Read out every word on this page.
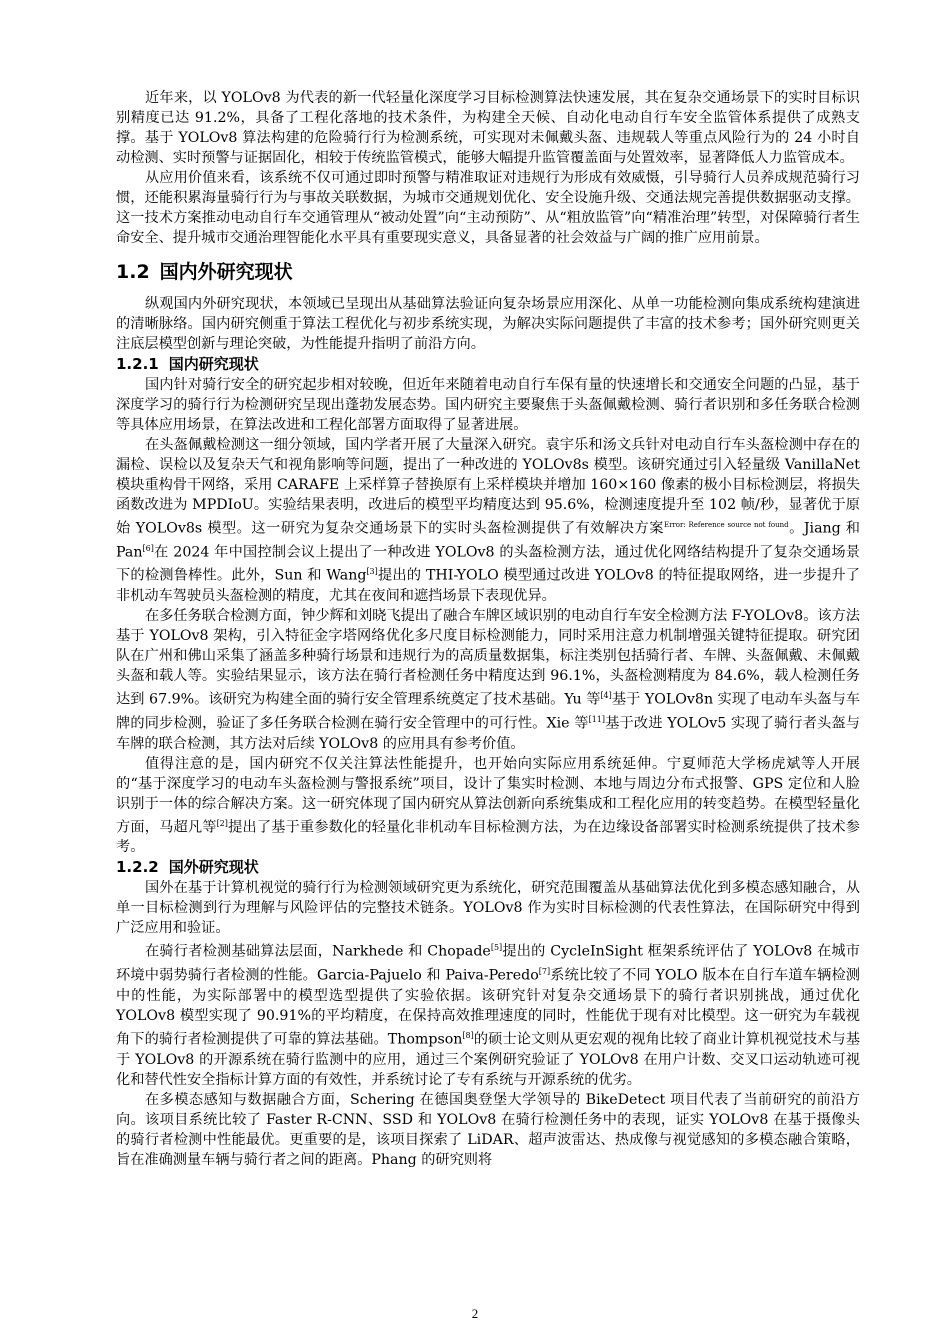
近年来，以 YOLOv8 为代表的新一代轻量化深度学习目标检测算法快速发展，其在复杂交通场景下的实时目标识别精度已达 91.2%，具备了工程化落地的技术条件，为构建全天候、自动化电动自行车安全监管体系提供了成熟支撑。基于 YOLOv8 算法构建的危险骑行行为检测系统，可实现对未佩戴头盔、违规载人等重点风险行为的 24 小时自动检测、实时预警与证据固化，相较于传统监管模式，能够大幅提升监管覆盖面与处置效率，显著降低人力监管成本。

从应用价值来看，该系统不仅可通过即时预警与精准取证对违规行为形成有效威慑，引导骑行人员养成规范骑行习惯，还能积累海量骑行行为与事故关联数据，为城市交通规划优化、安全设施升级、交通法规完善提供数据驱动支撑。这一技术方案推动电动自行车交通管理从“被动处置”向“主动预防”、从“粗放监管”向“精准治理”转型，对保障骑行者生命安全、提升城市交通治理智能化水平具有重要现实意义，具备显著的社会效益与广阔的推广应用前景。

1.2 国内外研究现状

纵观国内外研究现状，本领域已呈现出从基础算法验证向复杂场景应用深化、从单一功能检测向集成系统构建演进的清晰脉络。国内研究侧重于算法工程优化与初步系统实现，为解决实际问题提供了丰富的技术参考；国外研究则更关注底层模型创新与理论突破，为性能提升指明了前沿方向。

1.2.1 国内研究现状

国内针对骑行安全的研究起步相对较晚，但近年来随着电动自行车保有量的快速增长和交通安全问题的凸显，基于深度学习的骑行行为检测研究呈现出蓬勃发展态势。国内研究主要聚焦于头盔佩戴检测、骑行者识别和多任务联合检测等具体应用场景，在算法改进和工程化部署方面取得了显著进展。

在头盔佩戴检测这一细分领域，国内学者开展了大量深入研究。袁宇乐和汤文兵针对电动自行车头盔检测中存在的漏检、误检以及复杂天气和视角影响等问题，提出了一种改进的 YOLOv8s 模型。该研究通过引入轻量级 VanillaNet 模块重构骨干网络，采用 CARAFE 上采样算子替换原有上采样模块并增加 160×160 像素的极小目标检测层，将损失函数改进为 MPDIoU。实验结果表明，改进后的模型平均精度达到 95.6%，检测速度提升至 102 帧/秒，显著优于原始 YOLOv8s 模型。这一研究为复杂交通场景下的实时头盔检测提供了有效解决方案$^{Error: Reference source not found}$。Jiang 和 Pan[6]在 2024 年中国控制会议上提出了一种改进 YOLOv8 的头盔检测方法，通过优化网络结构提升了复杂交通场景下的检测鲁棒性。此外，Sun 和 Wang[3]提出的 THI-YOLO 模型通过改进 YOLOv8 的特征提取网络，进一步提升了非机动车驾驶员头盔检测的精度，尤其在夜间和遮挡场景下表现优异。

在多任务联合检测方面，钟少辉和刘晓飞提出了融合车牌区域识别的电动自行车安全检测方法 F-YOLOv8。该方法基于 YOLOv8 架构，引入特征金字塔网络优化多尺度目标检测能力，同时采用注意力机制增强关键特征提取。研究团队在广州和佛山采集了涵盖多种骑行场景和违规行为的高质量数据集，标注类别包括骑行者、车牌、头盔佩戴、未佩戴头盔和载人等。实验结果显示，该方法在骑行者检测任务中精度达到 96.1%，头盔检测精度为 84.6%，载人检测任务达到 67.9%。该研究为构建全面的骑行安全管理系统奠定了技术基础。Yu 等[4]基于 YOLOv8n 实现了电动车头盔与车牌的同步检测，验证了多任务联合检测在骑行安全管理中的可行性。Xie 等[11]基于改进 YOLOv5 实现了骑行者头盔与车牌的联合检测，其方法对后续 YOLOv8 的应用具有参考价值。

值得注意的是，国内研究不仅关注算法性能提升，也开始向实际应用系统延伸。宁夏师范大学杨虎斌等人开展的“基于深度学习的电动车头盔检测与警报系统”项目，设计了集实时检测、本地与周边分布式报警、GPS 定位和人脸识别于一体的综合解决方案。这一研究体现了国内研究从算法创新向系统集成和工程化应用的转变趋势。在模型轻量化方面，马超凡等[2]提出了基于重参数化的轻量化非机动车目标检测方法，为在边缘设备部署实时检测系统提供了技术参考。

1.2.2 国外研究现状

国外在基于计算机视觉的骑行行为检测领域研究更为系统化，研究范围覆盖从基础算法优化到多模态感知融合，从单一目标检测到行为理解与风险评估的完整技术链条。YOLOv8 作为实时目标检测的代表性算法，在国际研究中得到广泛应用和验证。

在骑行者检测基础算法层面，Narkhede 和 Chopade[5]提出的 CycleInSight 框架系统评估了 YOLOv8 在城市环境中弱势骑行者检测的性能。Garcia-Pajuelo 和 Paiva-Peredo[7]系统比较了不同 YOLO 版本在自行车道车辆检测中的性能，为实际部署中的模型选型提供了实验依据。该研究针对复杂交通场景下的骑行者识别挑战，通过优化 YOLOv8 模型实现了 90.91%的平均精度，在保持高效推理速度的同时，性能优于现有对比模型。这一研究为车载视角下的骑行者检测提供了可靠的算法基础。Thompson[8]的硕士论文则从更宏观的视角比较了商业计算机视觉技术与基于 YOLOv8 的开源系统在骑行监测中的应用，通过三个案例研究验证了 YOLOv8 在用户计数、交叉口运动轨迹可视化和替代性安全指标计算方面的有效性，并系统讨论了专有系统与开源系统的优劣。

在多模态感知与数据融合方面，Schering 在德国奥登堡大学领导的 BikeDetect 项目代表了当前研究的前沿方向。该项目系统比较了 Faster R-CNN、SSD 和 YOLOv8 在骑行检测任务中的表现，证实 YOLOv8 在基于摄像头的骑行者检测中性能最优。更重要的是，该项目探索了 LiDAR、超声波雷达、热成像与视觉感知的多模态融合策略，旨在准确测量车辆与骑行者之间的距离。Phang 的研究则将

2
